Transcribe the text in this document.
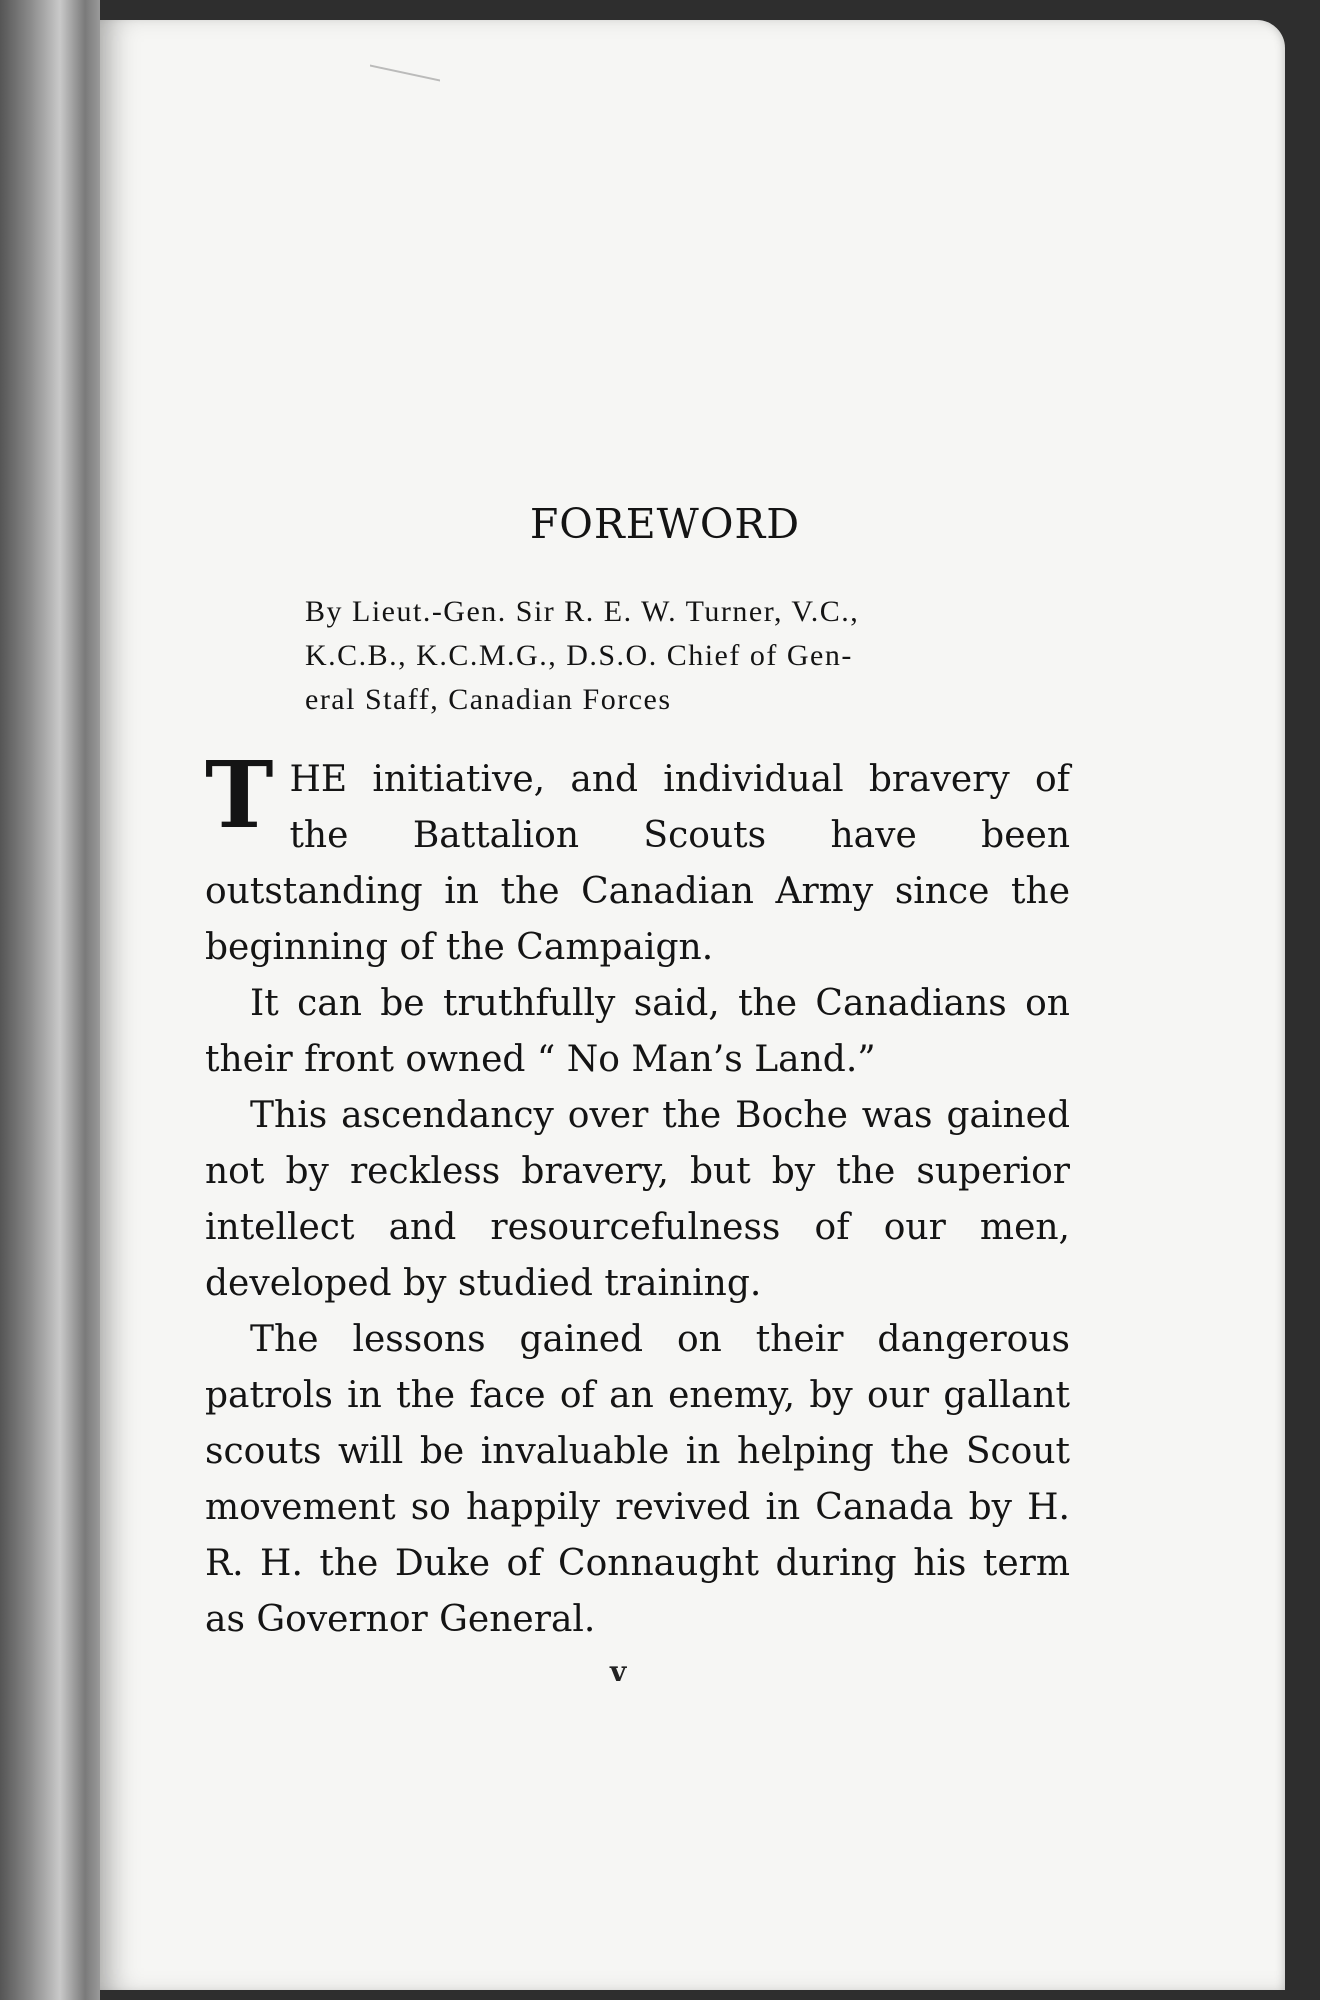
FOREWORD
By Lieut.-Gen. Sir R. E. W. Turner, V.C.,
K.C.B., K.C.M.G., D.S.O. Chief of Gen-
eral Staff, Canadian Forces

THE initiative, and individual bravery of the Battalion Scouts have been outstanding in the Canadian Army since the beginning of the Campaign.

It can be truthfully said, the Canadians on their front owned “ No Man’s Land.”

This ascendancy over the Boche was gained not by reckless bravery, but by the superior intellect and resourcefulness of our men, developed by studied training.

The lessons gained on their dangerous patrols in the face of an enemy, by our gallant scouts will be invaluable in helping the Scout movement so happily revived in Canada by H. R. H. the Duke of Connaught during his term as Governor General.

v
